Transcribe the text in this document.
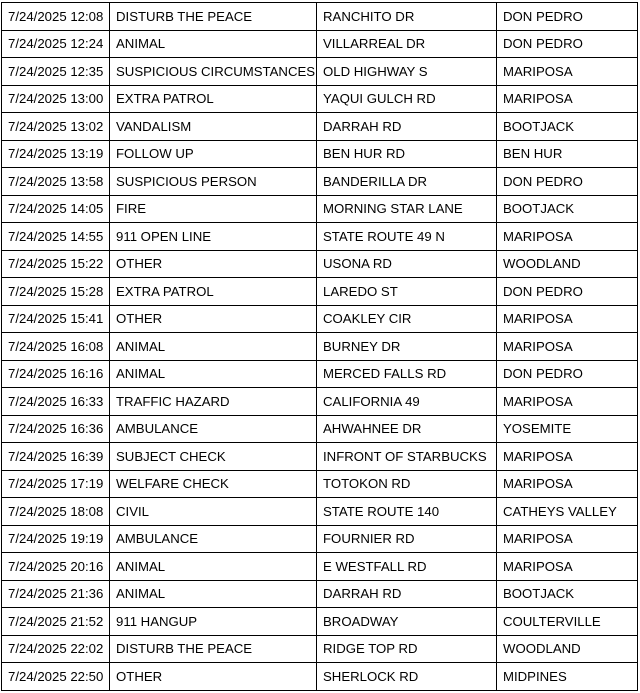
7/24/2025 12:08	DISTURB THE PEACE	RANCHITO DR	DON PEDRO
7/24/2025 12:24	ANIMAL	VILLARREAL DR	DON PEDRO
7/24/2025 12:35	SUSPICIOUS CIRCUMSTANCES	OLD HIGHWAY S	MARIPOSA
7/24/2025 13:00	EXTRA PATROL	YAQUI GULCH RD	MARIPOSA
7/24/2025 13:02	VANDALISM	DARRAH RD	BOOTJACK
7/24/2025 13:19	FOLLOW UP	BEN HUR RD	BEN HUR
7/24/2025 13:58	SUSPICIOUS PERSON	BANDERILLA DR	DON PEDRO
7/24/2025 14:05	FIRE	MORNING STAR LANE	BOOTJACK
7/24/2025 14:55	911 OPEN LINE	STATE ROUTE 49 N	MARIPOSA
7/24/2025 15:22	OTHER	USONA RD	WOODLAND
7/24/2025 15:28	EXTRA PATROL	LAREDO ST	DON PEDRO
7/24/2025 15:41	OTHER	COAKLEY CIR	MARIPOSA
7/24/2025 16:08	ANIMAL	BURNEY DR	MARIPOSA
7/24/2025 16:16	ANIMAL	MERCED FALLS RD	DON PEDRO
7/24/2025 16:33	TRAFFIC HAZARD	CALIFORNIA 49	MARIPOSA
7/24/2025 16:36	AMBULANCE	AHWAHNEE DR	YOSEMITE
7/24/2025 16:39	SUBJECT CHECK	INFRONT OF STARBUCKS	MARIPOSA
7/24/2025 17:19	WELFARE CHECK	TOTOKON RD	MARIPOSA
7/24/2025 18:08	CIVIL	STATE ROUTE 140	CATHEYS VALLEY
7/24/2025 19:19	AMBULANCE	FOURNIER RD	MARIPOSA
7/24/2025 20:16	ANIMAL	E WESTFALL RD	MARIPOSA
7/24/2025 21:36	ANIMAL	DARRAH RD	BOOTJACK
7/24/2025 21:52	911 HANGUP	BROADWAY	COULTERVILLE
7/24/2025 22:02	DISTURB THE PEACE	RIDGE TOP RD	WOODLAND
7/24/2025 22:50	OTHER	SHERLOCK RD	MIDPINES
